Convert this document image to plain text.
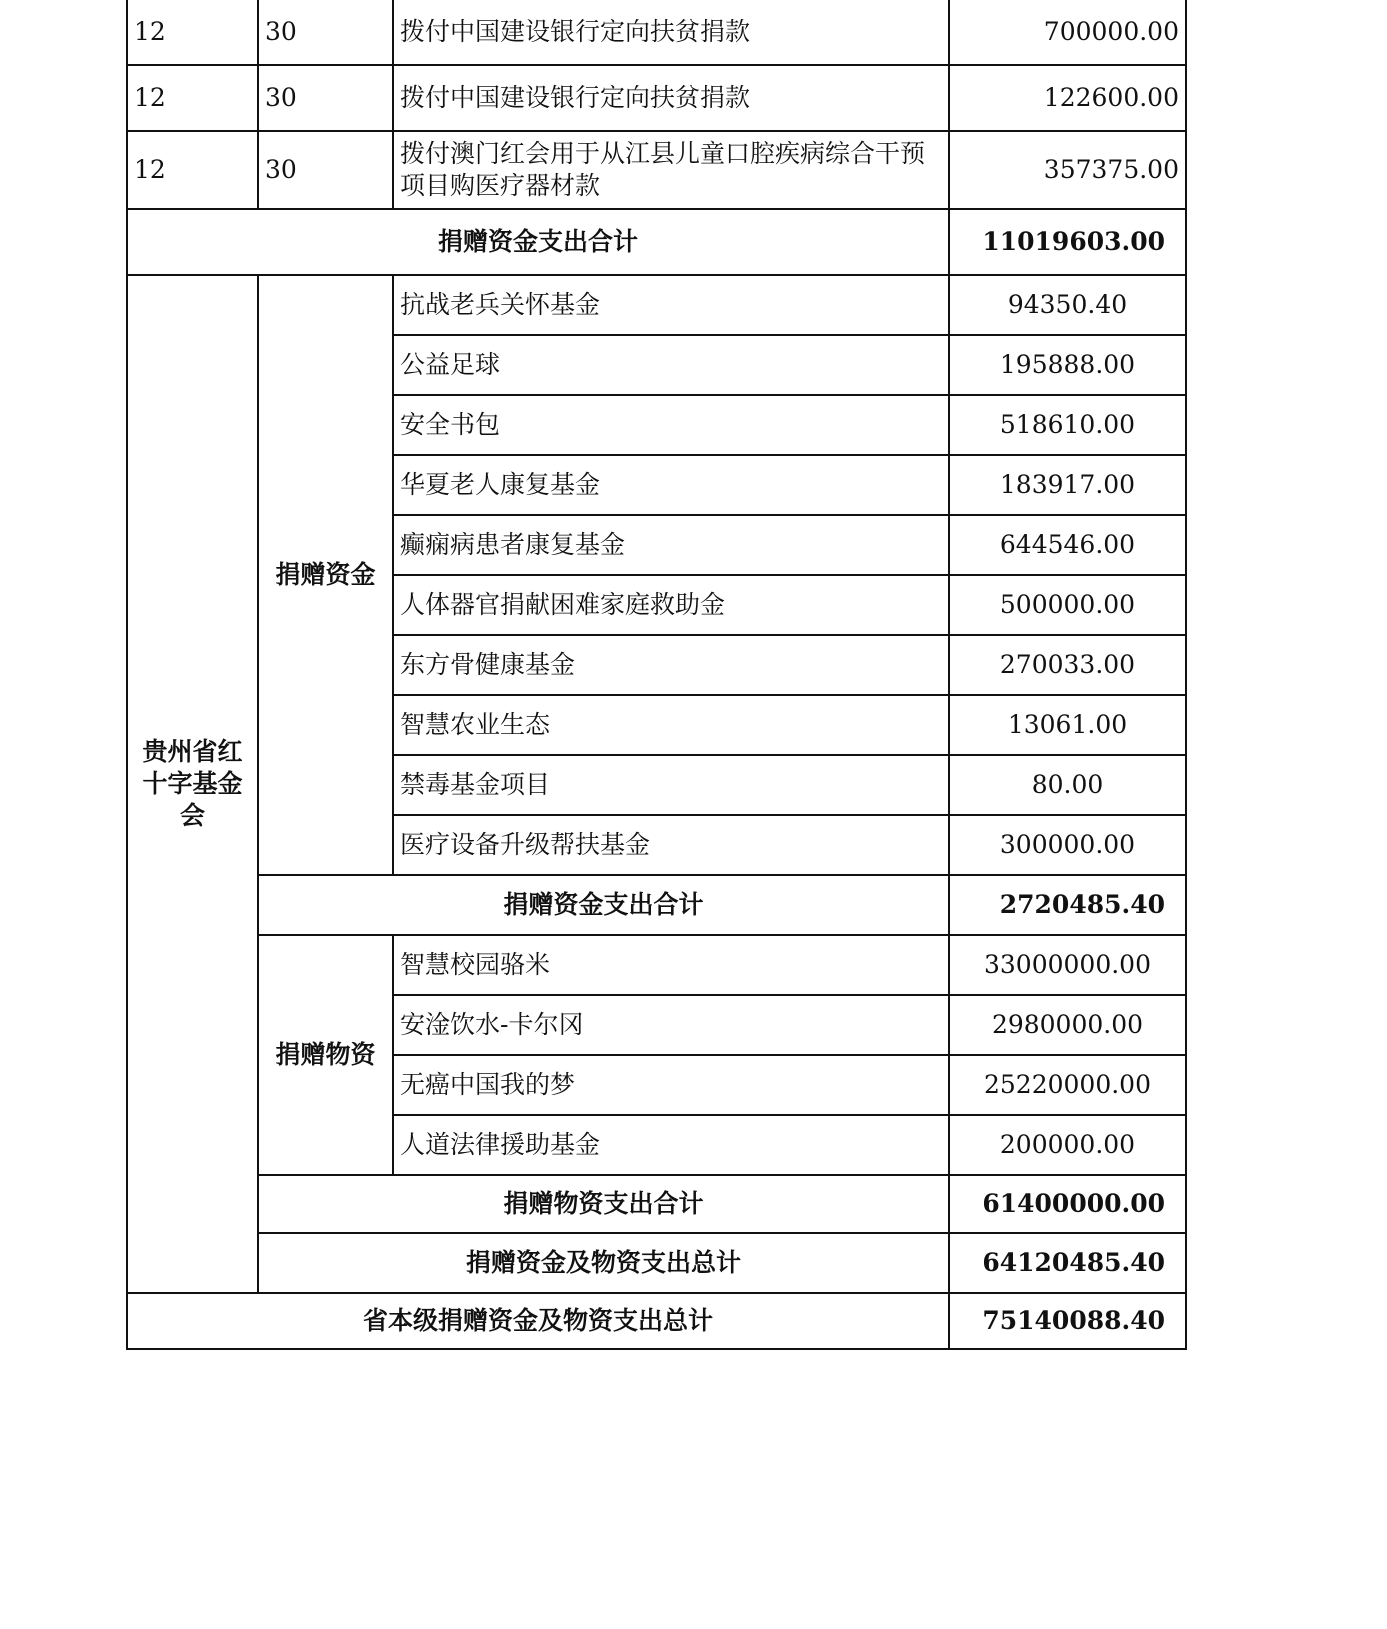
12	30	拨付中国建设银行定向扶贫捐款	700000.00
12	30	拨付中国建设银行定向扶贫捐款	122600.00
12	30	拨付澳门红会用于从江县儿童口腔疾病综合干预项目购医疗器材款	357375.00
捐赠资金支出合计			11019603.00
贵州省红十字基金会	捐赠资金	抗战老兵关怀基金	94350.40
		公益足球	195888.00
		安全书包	518610.00
		华夏老人康复基金	183917.00
		癫痫病患者康复基金	644546.00
		人体器官捐献困难家庭救助金	500000.00
		东方骨健康基金	270033.00
		智慧农业生态	13061.00
		禁毒基金项目	80.00
		医疗设备升级帮扶基金	300000.00
	捐赠资金支出合计		2720485.40
	捐赠物资	智慧校园骆米	33000000.00
		安淦饮水-卡尔冈	2980000.00
		无癌中国我的梦	25220000.00
		人道法律援助基金	200000.00
	捐赠物资支出合计		61400000.00
	捐赠资金及物资支出总计		64120485.40
省本级捐赠资金及物资支出总计			75140088.40
